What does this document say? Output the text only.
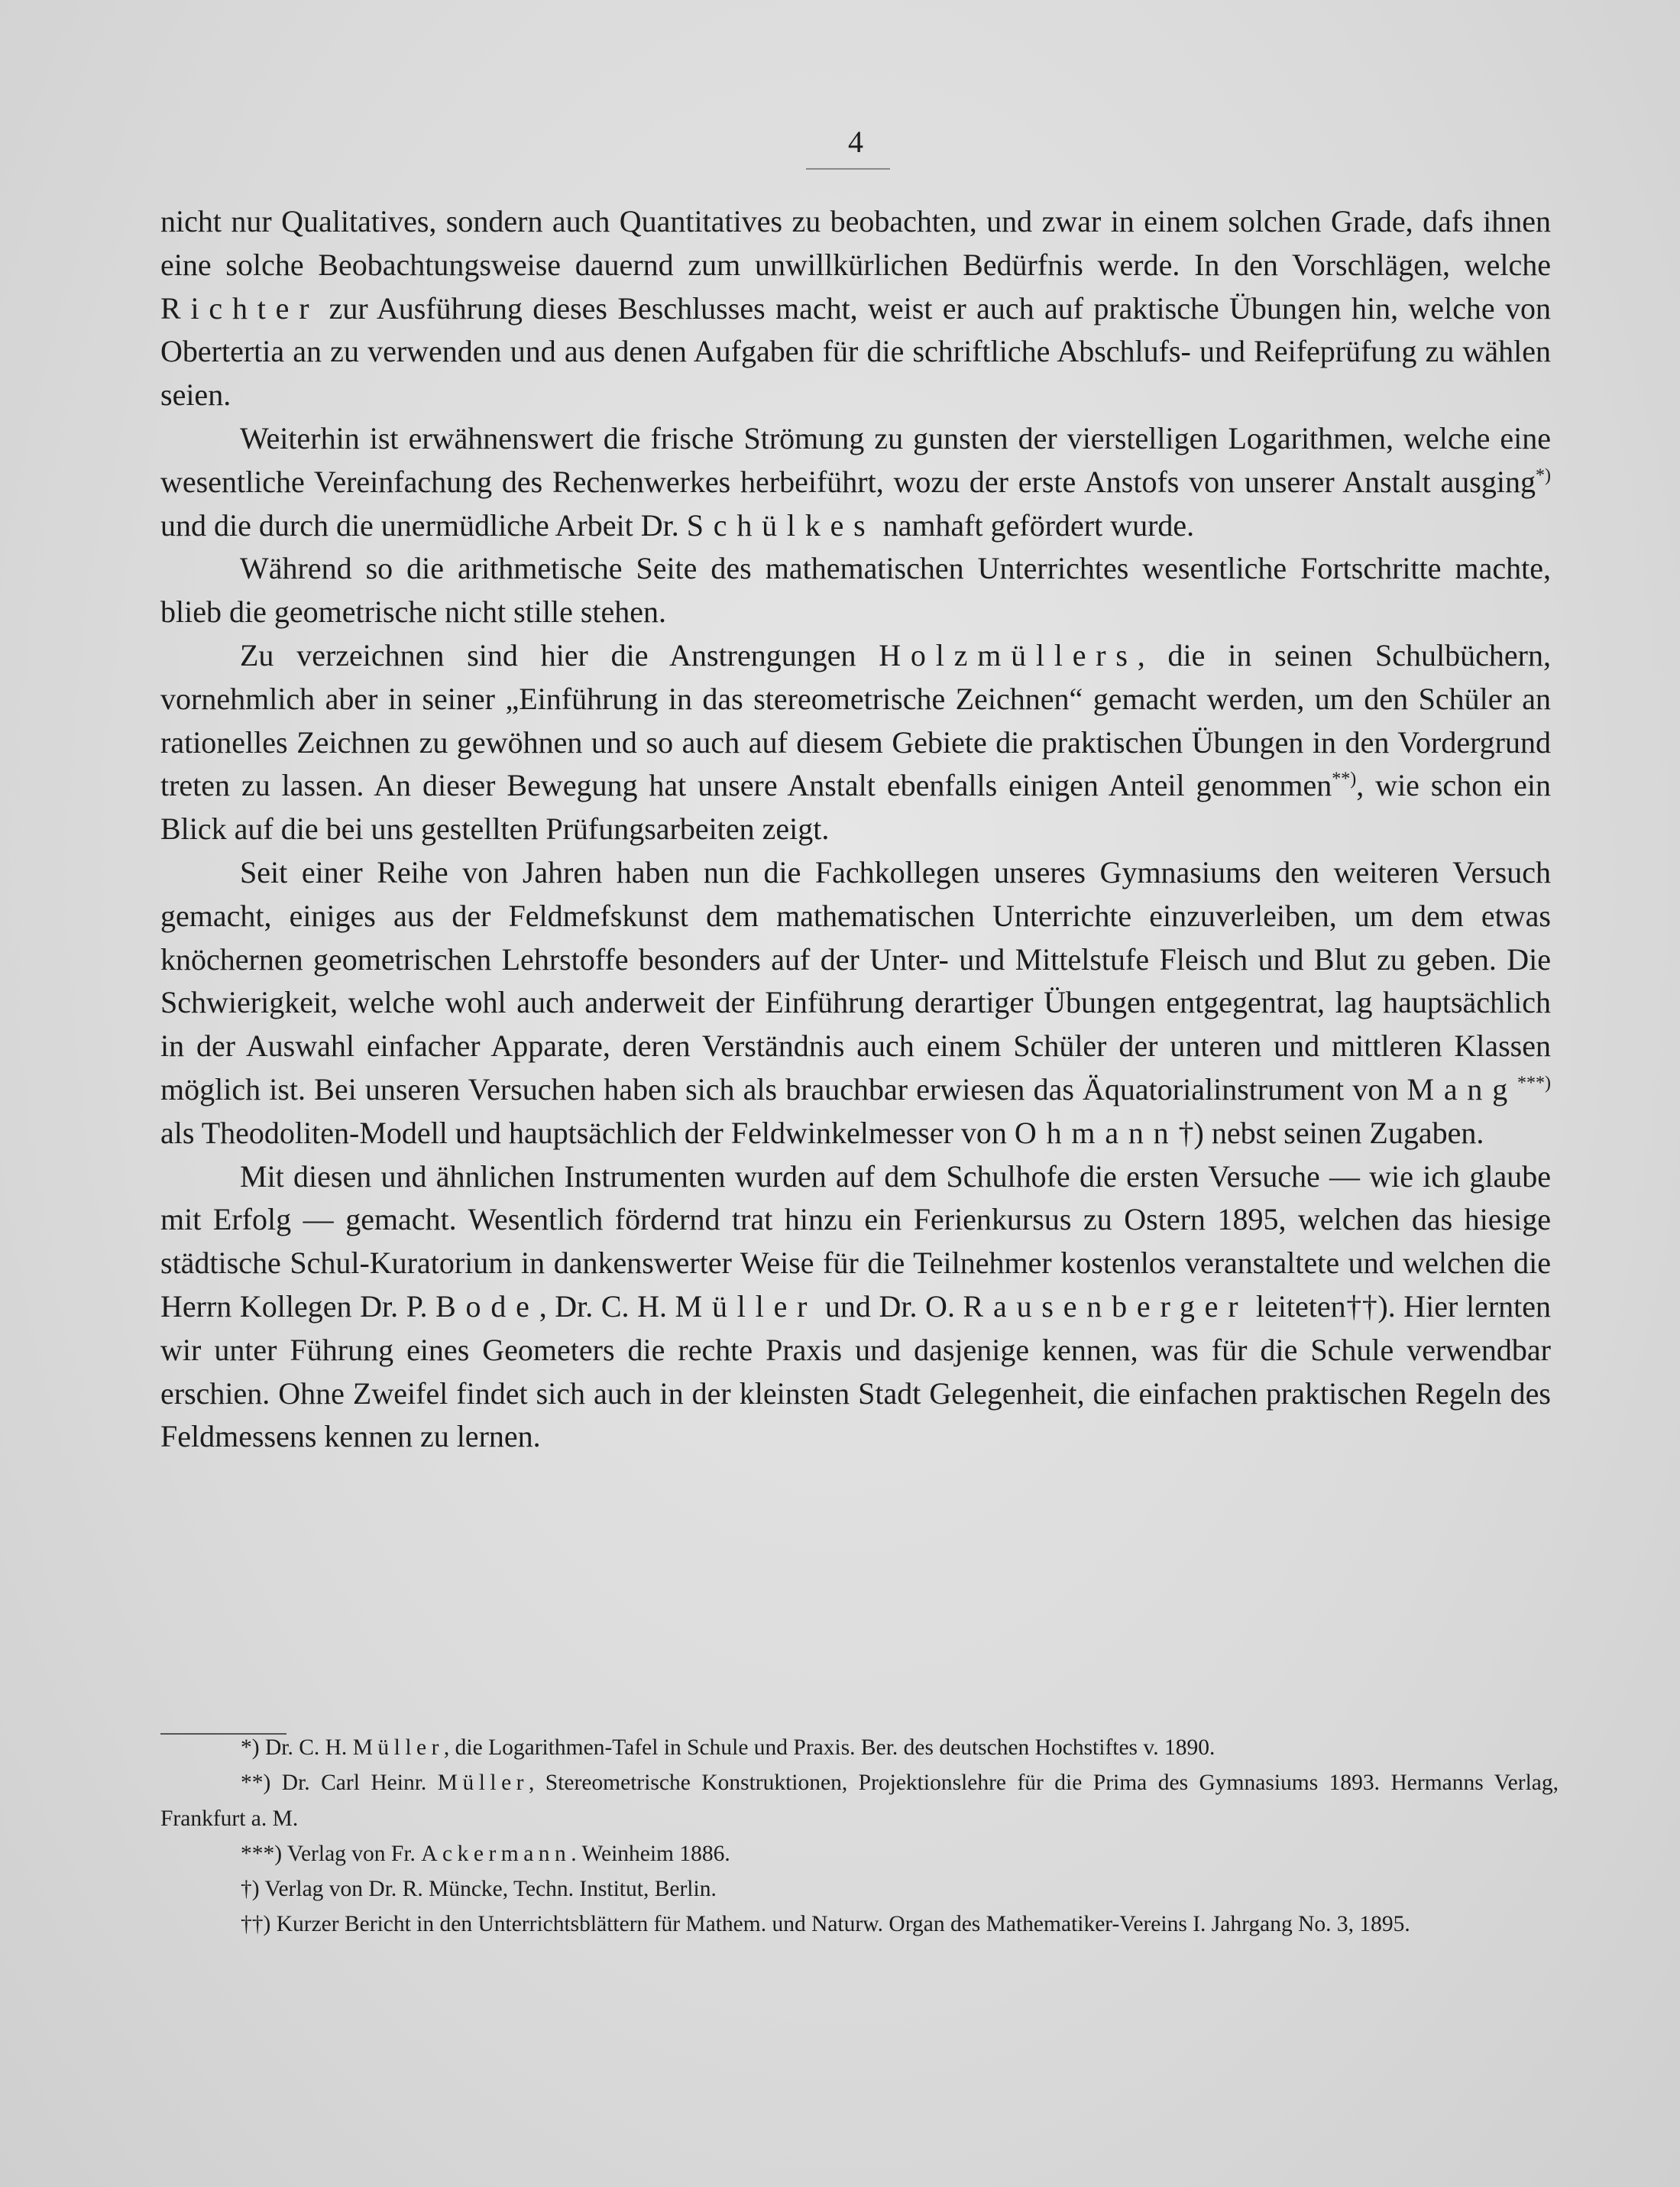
4

nicht nur Qualitatives, sondern auch Quantitatives zu beobachten, und zwar in einem solchen Grade, dafs ihnen eine solche Beobachtungsweise dauernd zum unwillkürlichen Bedürfnis werde. In den Vorschlägen, welche Richter zur Ausführung dieses Beschlusses macht, weist er auch auf praktische Übungen hin, welche von Obertertia an zu verwenden und aus denen Aufgaben für die schriftliche Abschlufs- und Reifeprüfung zu wählen seien.

Weiterhin ist erwähnenswert die frische Strömung zu gunsten der vierstelligen Logarithmen, welche eine wesentliche Vereinfachung des Rechenwerkes herbeiführt, wozu der erste Anstofs von unserer Anstalt ausging*) und die durch die unermüdliche Arbeit Dr. Schülkes namhaft gefördert wurde.

Während so die arithmetische Seite des mathematischen Unterrichtes wesentliche Fortschritte machte, blieb die geometrische nicht stille stehen.

Zu verzeichnen sind hier die Anstrengungen Holzmüllers, die in seinen Schulbüchern, vornehmlich aber in seiner „Einführung in das stereometrische Zeichnen“ gemacht werden, um den Schüler an rationelles Zeichnen zu gewöhnen und so auch auf diesem Gebiete die praktischen Übungen in den Vordergrund treten zu lassen. An dieser Bewegung hat unsere Anstalt ebenfalls einigen Anteil genommen**), wie schon ein Blick auf die bei uns gestellten Prüfungsarbeiten zeigt.

Seit einer Reihe von Jahren haben nun die Fachkollegen unseres Gymnasiums den weiteren Versuch gemacht, einiges aus der Feldmefskunst dem mathematischen Unterrichte einzuverleiben, um dem etwas knöchernen geometrischen Lehrstoffe besonders auf der Unter- und Mittelstufe Fleisch und Blut zu geben. Die Schwierigkeit, welche wohl auch anderweit der Einführung derartiger Übungen entgegentrat, lag hauptsächlich in der Auswahl einfacher Apparate, deren Verständnis auch einem Schüler der unteren und mittleren Klassen möglich ist. Bei unseren Versuchen haben sich als brauchbar erwiesen das Äquatorialinstrument von Mang***) als Theodoliten-Modell und hauptsächlich der Feldwinkelmesser von Ohmann†) nebst seinen Zugaben.

Mit diesen und ähnlichen Instrumenten wurden auf dem Schulhofe die ersten Versuche — wie ich glaube mit Erfolg — gemacht. Wesentlich fördernd trat hinzu ein Ferienkursus zu Ostern 1895, welchen das hiesige städtische Schul-Kuratorium in dankenswerter Weise für die Teilnehmer kostenlos veranstaltete und welchen die Herrn Kollegen Dr. P. Bode, Dr. C. H. Müller und Dr. O. Rausenberger leiteten††). Hier lernten wir unter Führung eines Geometers die rechte Praxis und dasjenige kennen, was für die Schule verwendbar erschien. Ohne Zweifel findet sich auch in der kleinsten Stadt Gelegenheit, die einfachen praktischen Regeln des Feldmessens kennen zu lernen.

*) Dr. C. H. Müller, die Logarithmen-Tafel in Schule und Praxis. Ber. des deutschen Hochstiftes v. 1890.

**) Dr. Carl Heinr. Müller, Stereometrische Konstruktionen, Projektionslehre für die Prima des Gymnasiums 1893. Hermanns Verlag, Frankfurt a. M.

***) Verlag von Fr. Ackermann. Weinheim 1886.

†) Verlag von Dr. R. Müncke, Techn. Institut, Berlin.

††) Kurzer Bericht in den Unterrichtsblättern für Mathem. und Naturw. Organ des Mathematiker-Vereins I. Jahrgang No. 3, 1895.
